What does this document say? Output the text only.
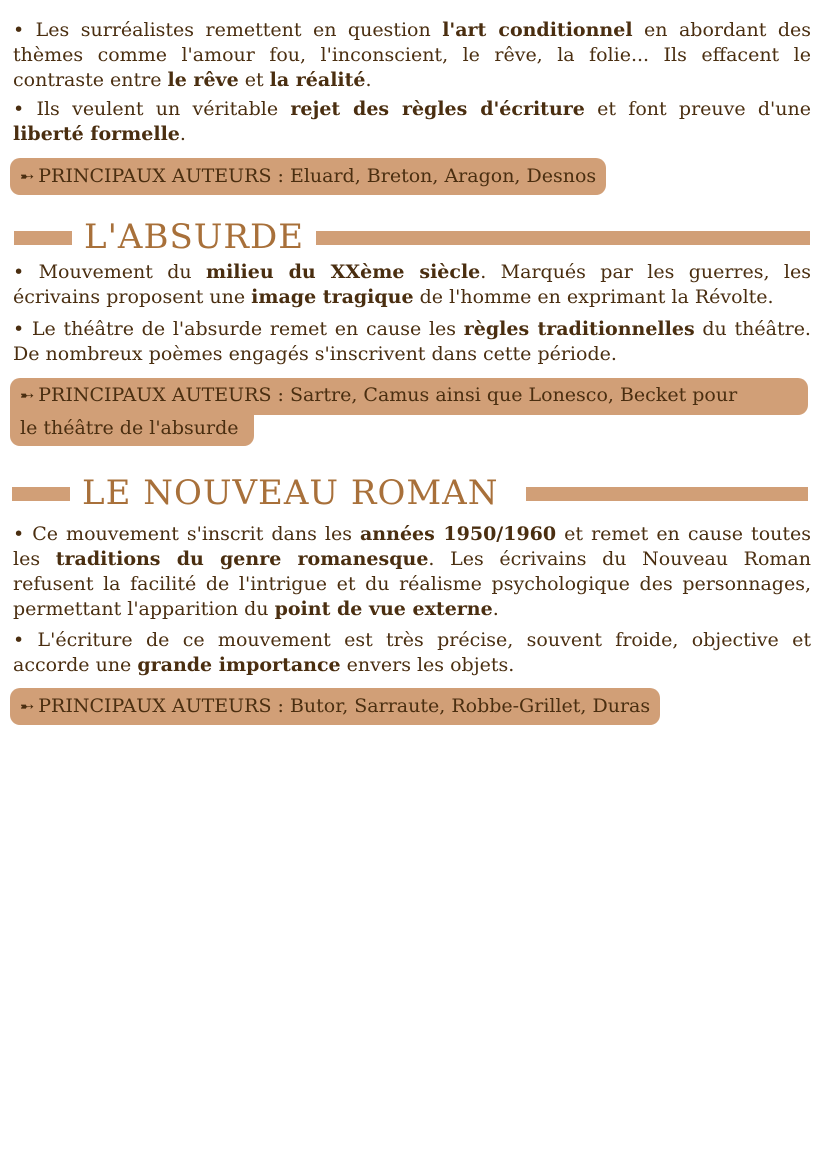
• Les surréalistes remettent en question l'art conditionnel en abordant des thèmes comme l'amour fou, l'inconscient, le rêve, la folie... Ils effacent le contraste entre le rêve et la réalité.

• Ils veulent un véritable rejet des règles d'écriture et font preuve d'une liberté formelle.

➸ PRINCIPAUX AUTEURS : Eluard, Breton, Aragon, Desnos
L'ABSURDE

• Mouvement du milieu du XXème siècle. Marqués par les guerres, les écrivains proposent une image tragique de l'homme en exprimant la Révolte.

• Le théâtre de l'absurde remet en cause les règles traditionnelles du théâtre. De nombreux poèmes engagés s'inscrivent dans cette période.

➸ PRINCIPAUX AUTEURS : Sartre, Camus ainsi que Lonesco, Becket pour
le théâtre de l'absurde
LE NOUVEAU ROMAN

• Ce mouvement s'inscrit dans les années 1950/1960 et remet en cause toutes les traditions du genre romanesque. Les écrivains du Nouveau Roman refusent la facilité de l'intrigue et du réalisme psychologique des personnages, permettant l'apparition du point de vue externe.

• L'écriture de ce mouvement est très précise, souvent froide, objective et accorde une grande importance envers les objets.

➸ PRINCIPAUX AUTEURS : Butor, Sarraute, Robbe-Grillet, Duras
